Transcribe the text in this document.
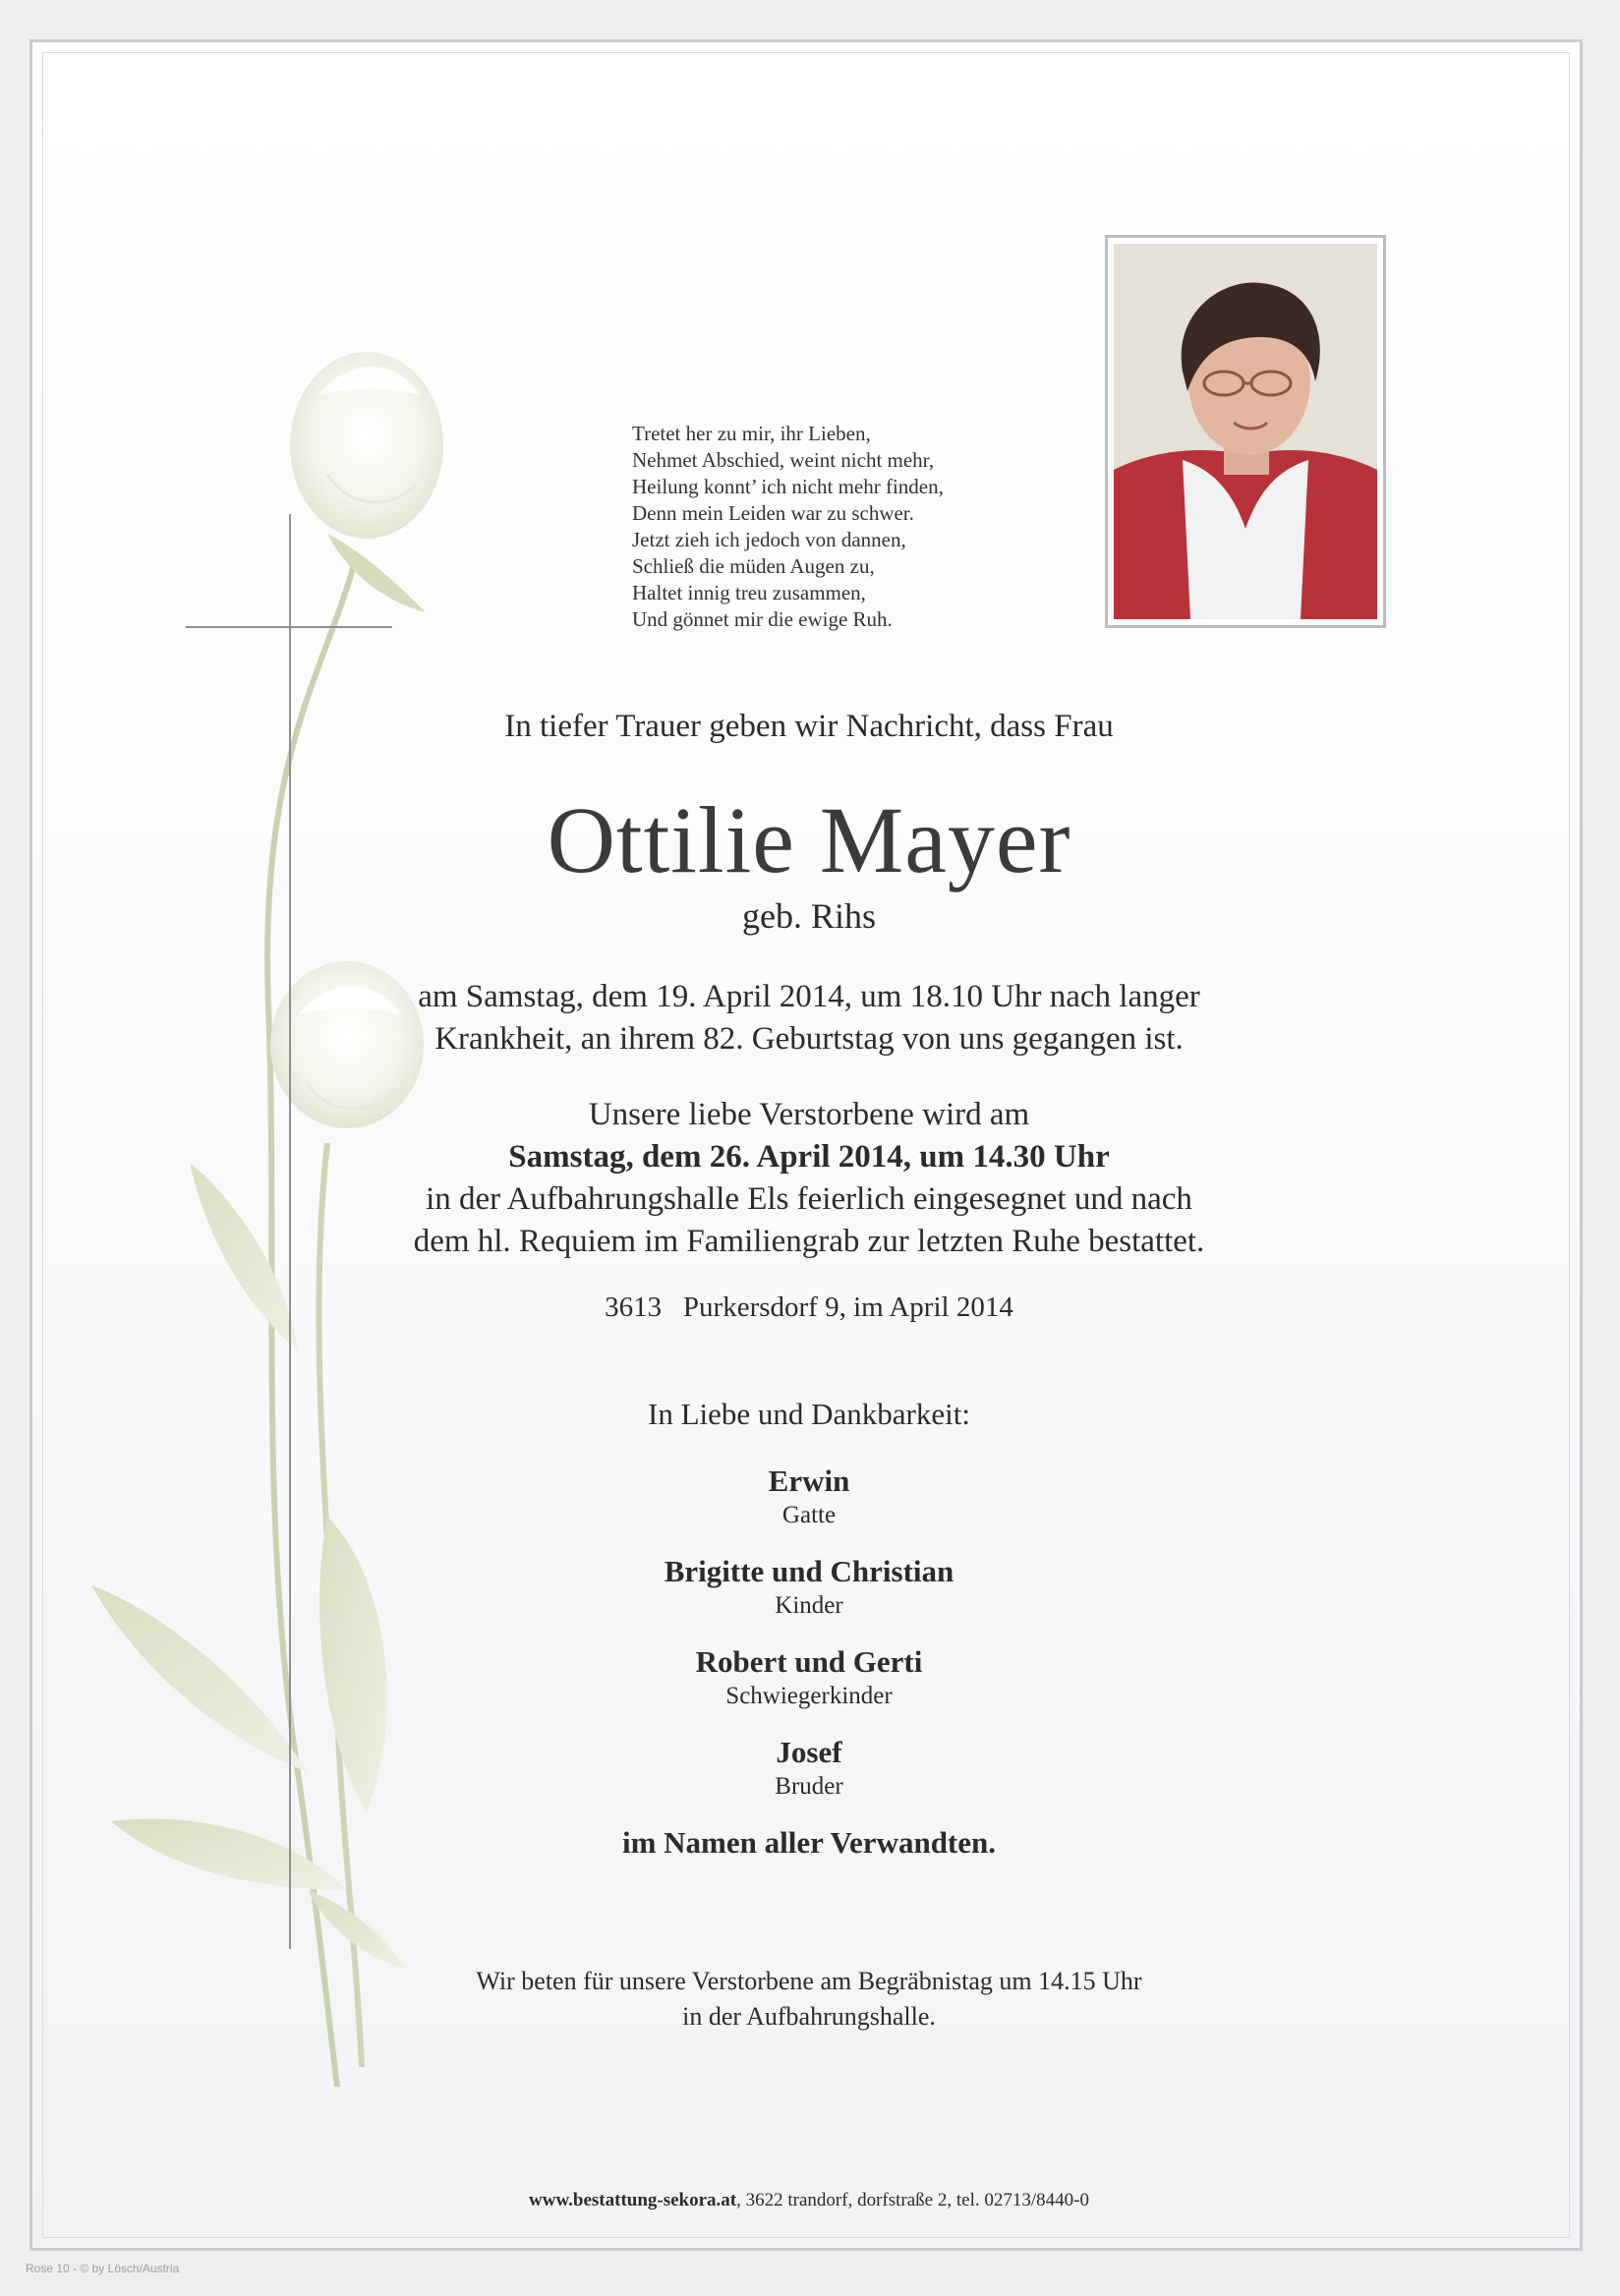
Tretet her zu mir, ihr Lieben,
Nehmet Abschied, weint nicht mehr,
Heilung konnt’ ich nicht mehr finden,
Denn mein Leiden war zu schwer.
Jetzt zieh ich jedoch von dannen,
Schließ die müden Augen zu,
Haltet innig treu zusammen,
Und gönnet mir die ewige Ruh.
In tiefer Trauer geben wir Nachricht, dass Frau
Ottilie Mayer
geb. Rihs
am Samstag, dem 19. April 2014, um 18.10 Uhr nach langer
Krankheit, an ihrem 82. Geburtstag von uns gegangen ist.
Unsere liebe Verstorbene wird am
Samstag, dem 26. April 2014, um 14.30 Uhr
in der Aufbahrungshalle Els feierlich eingesegnet und nach
dem hl. Requiem im Familiengrab zur letzten Ruhe bestattet.
3613   Purkersdorf 9, im April 2014
In Liebe und Dankbarkeit:
Erwin
Gatte
Brigitte und Christian
Kinder
Robert und Gerti
Schwiegerkinder
Josef
Bruder
im Namen aller Verwandten.
Wir beten für unsere Verstorbene am Begräbnistag um 14.15 Uhr
in der Aufbahrungshalle.
www.bestattung-sekora.at, 3622 trandorf, dorfstraße 2, tel. 02713/8440-0
Rose 10 - © by Lösch/Austria
